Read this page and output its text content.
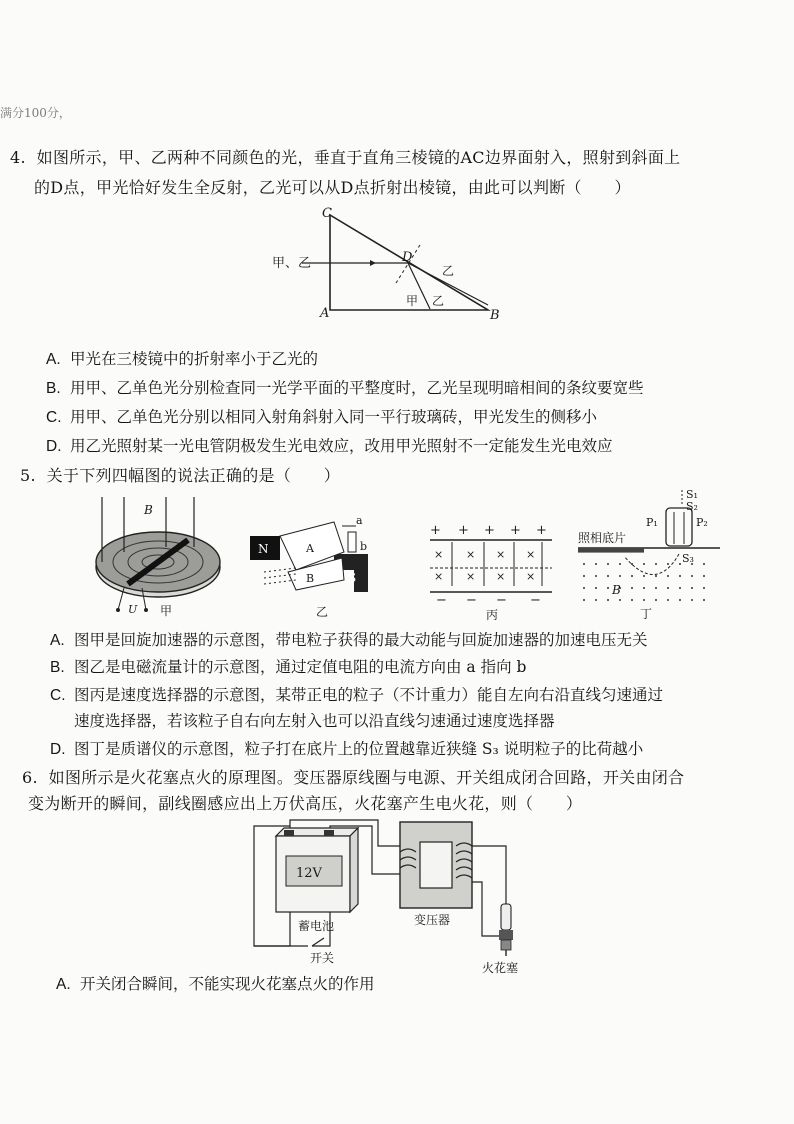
满分100分，
4. 如图所示，甲、乙两种不同颜色的光，垂直于直角三棱镜的AC边界面射入，照射到斜面上
的D点，甲光恰好发生全反射，乙光可以从D点折射出棱镜，由此可以判断（　　）
C
A	B
D
甲、乙	乙
甲 乙
A. 甲光在三棱镜中的折射率小于乙光的
B. 用甲、乙单色光分别检查同一光学平面的平整度时，乙光呈现明暗相间的条纹要宽些
C. 用甲、乙单色光分别以相同入射角斜射入同一平行玻璃砖，甲光发生的侧移小
D. 用乙光照射某一光电管阴极发生光电效应，改用甲光照射不一定能发生光电效应
5. 关于下列四幅图的说法正确的是（　　）
B
U 甲
N
S
A
B
a
b
乙
+ + + + +
× × × ×
× × × ×
− − − −
丙
照相底片
P₁	P₂
S₁
S₂
S₃
B
丁
A. 图甲是回旋加速器的示意图，带电粒子获得的最大动能与回旋加速器的加速电压无关
B. 图乙是电磁流量计的示意图，通过定值电阻的电流方向由 a 指向 b
C. 图丙是速度选择器的示意图，某带正电的粒子（不计重力）能自左向右沿直线匀速通过
速度选择器，若该粒子自右向左射入也可以沿直线匀速通过速度选择器
D. 图丁是质谱仪的示意图，粒子打在底片上的位置越靠近狭缝 S₃ 说明粒子的比荷越小
6. 如图所示是火花塞点火的原理图。变压器原线圈与电源、开关组成闭合回路，开关由闭合
变为断开的瞬间，副线圈感应出上万伏高压，火花塞产生电火花，则（　　）
12V
蓄电池	变压器
开关
火花塞
A. 开关闭合瞬间，不能实现火花塞点火的作用
